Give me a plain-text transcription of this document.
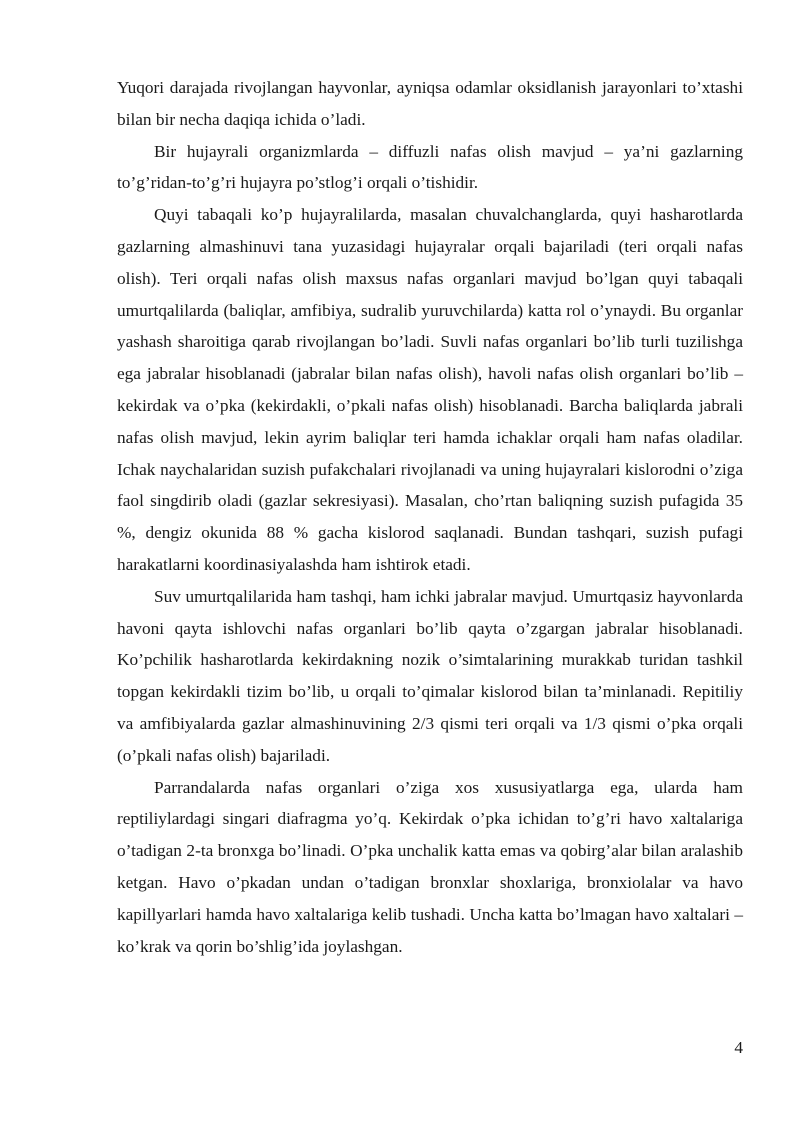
Yuqori darajada rivojlangan hayvonlar, ayniqsa odamlar oksidlanish jarayonlari to’xtashi bilan bir necha daqiqa ichida o’ladi.

Bir hujayrali organizmlarda – diffuzli nafas olish mavjud – ya’ni gazlarning to’g’ridan-to’g’ri hujayra po’stlog’i orqali o’tishidir.

Quyi tabaqali ko’p hujayralilarda, masalan chuvalchanglarda, quyi hasharotlarda gazlarning almashinuvi tana yuzasidagi hujayralar orqali bajariladi (teri orqali nafas olish). Teri orqali nafas olish maxsus nafas organlari mavjud bo’lgan quyi tabaqali umurtqalilarda (baliqlar, amfibiya, sudralib yuruvchilarda) katta rol o’ynaydi. Bu organlar yashash sharoitiga qarab rivojlangan bo’ladi. Suvli nafas organlari bo’lib turli tuzilishga ega jabralar hisoblanadi (jabralar bilan nafas olish), havoli nafas olish organlari bo’lib – kekirdak va o’pka (kekirdakli, o’pkali nafas olish) hisoblanadi. Barcha baliqlarda jabrali nafas olish mavjud, lekin ayrim baliqlar teri hamda ichaklar orqali ham nafas oladilar. Ichak naychalaridan suzish pufakchalari rivojlanadi va uning hujayralari kislorodni o’ziga faol singdirib oladi (gazlar sekresiyasi). Masalan, cho’rtan baliqning suzish pufagida 35 %, dengiz okunida 88 % gacha kislorod saqlanadi. Bundan tashqari, suzish pufagi harakatlarni koordinasiyalashda ham ishtirok etadi.

Suv umurtqalilarida ham tashqi, ham ichki jabralar mavjud. Umurtqasiz hayvonlarda havoni qayta ishlovchi nafas organlari bo’lib qayta o’zgargan jabralar hisoblanadi. Ko’pchilik hasharotlarda kekirdakning nozik o’simtalarining murakkab turidan tashkil topgan kekirdakli tizim bo’lib, u orqali to’qimalar kislorod bilan ta’minlanadi. Repitiliy va amfibiyalarda gazlar almashinuvining 2/3 qismi teri orqali va 1/3 qismi o’pka orqali (o’pkali nafas olish) bajariladi.

Parrandalarda nafas organlari o’ziga xos xususiyatlarga ega, ularda ham reptiliylardagi singari diafragma yo’q. Kekirdak o’pka ichidan to’g’ri havo xaltalariga o’tadigan 2-ta bronxga bo’linadi. O’pka unchalik katta emas va qobirg’alar bilan aralashib ketgan. Havo o’pkadan undan o’tadigan bronxlar shoxlariga, bronxiolalar va havo kapillyarlari hamda havo xaltalariga kelib tushadi. Uncha katta bo’lmagan havo xaltalari – ko’krak va qorin bo’shlig’ida joylashgan.

4
